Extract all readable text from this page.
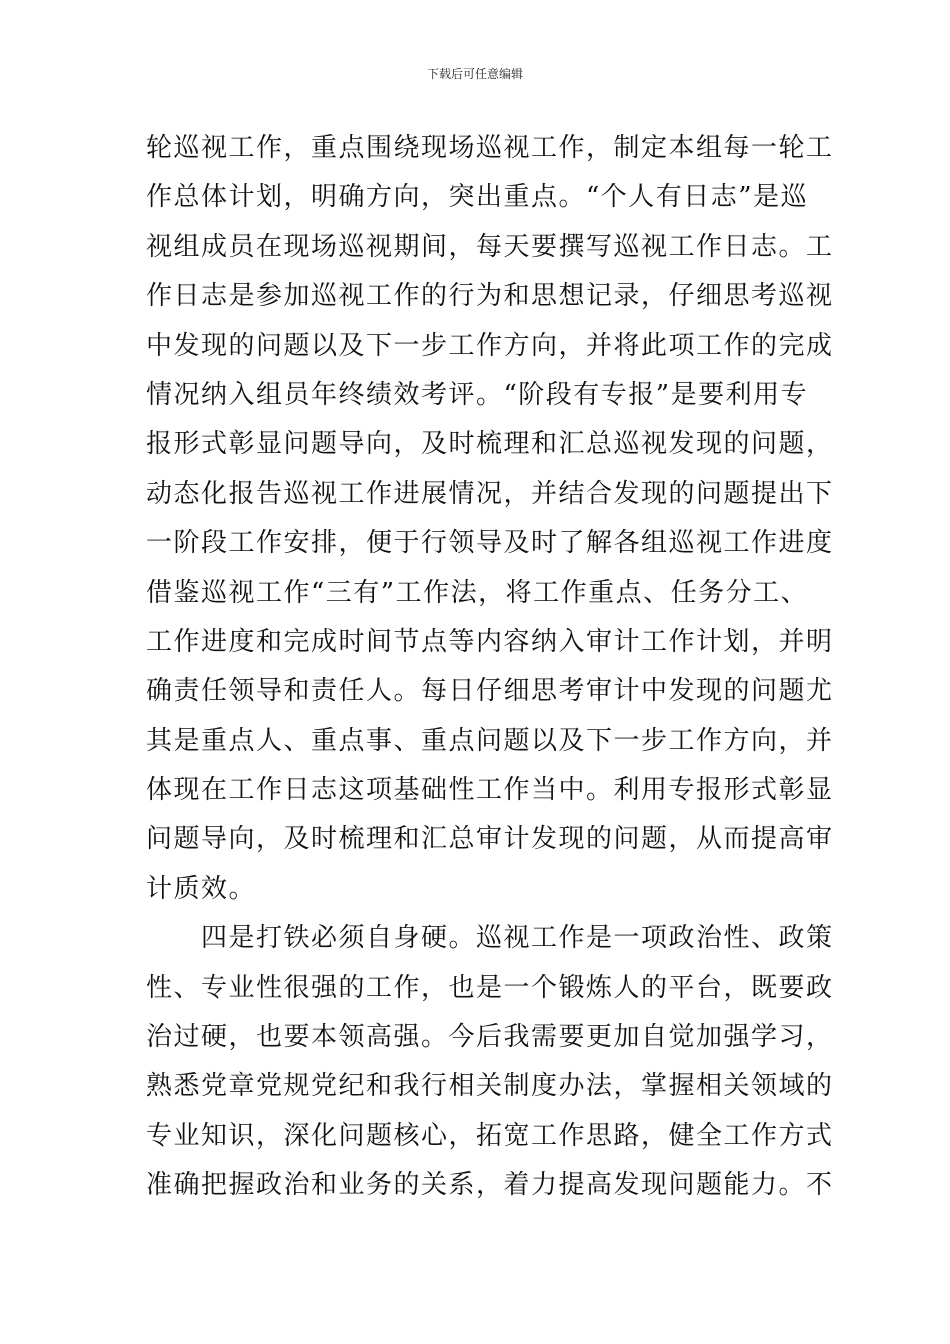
下载后可任意编辑
轮巡视工作，重点围绕现场巡视工作，制定本组每一轮工
作总体计划，明确方向，突出重点。“个人有日志”是巡
视组成员在现场巡视期间，每天要撰写巡视工作日志。工
作日志是参加巡视工作的行为和思想记录，仔细思考巡视
中发现的问题以及下一步工作方向，并将此项工作的完成
情况纳入组员年终绩效考评。“阶段有专报”是要利用专
报形式彰显问题导向，及时梳理和汇总巡视发现的问题，
动态化报告巡视工作进展情况，并结合发现的问题提出下
一阶段工作安排，便于行领导及时了解各组巡视工作进度
借鉴巡视工作“三有”工作法，将工作重点、任务分工、
工作进度和完成时间节点等内容纳入审计工作计划，并明
确责任领导和责任人。每日仔细思考审计中发现的问题尤
其是重点人、重点事、重点问题以及下一步工作方向，并
体现在工作日志这项基础性工作当中。利用专报形式彰显
问题导向，及时梳理和汇总审计发现的问题，从而提高审
计质效。
　　四是打铁必须自身硬。巡视工作是一项政治性、政策
性、专业性很强的工作，也是一个锻炼人的平台，既要政
治过硬，也要本领高强。今后我需要更加自觉加强学习，
熟悉党章党规党纪和我行相关制度办法，掌握相关领域的
专业知识，深化问题核心，拓宽工作思路，健全工作方式
准确把握政治和业务的关系，着力提高发现问题能力。不
